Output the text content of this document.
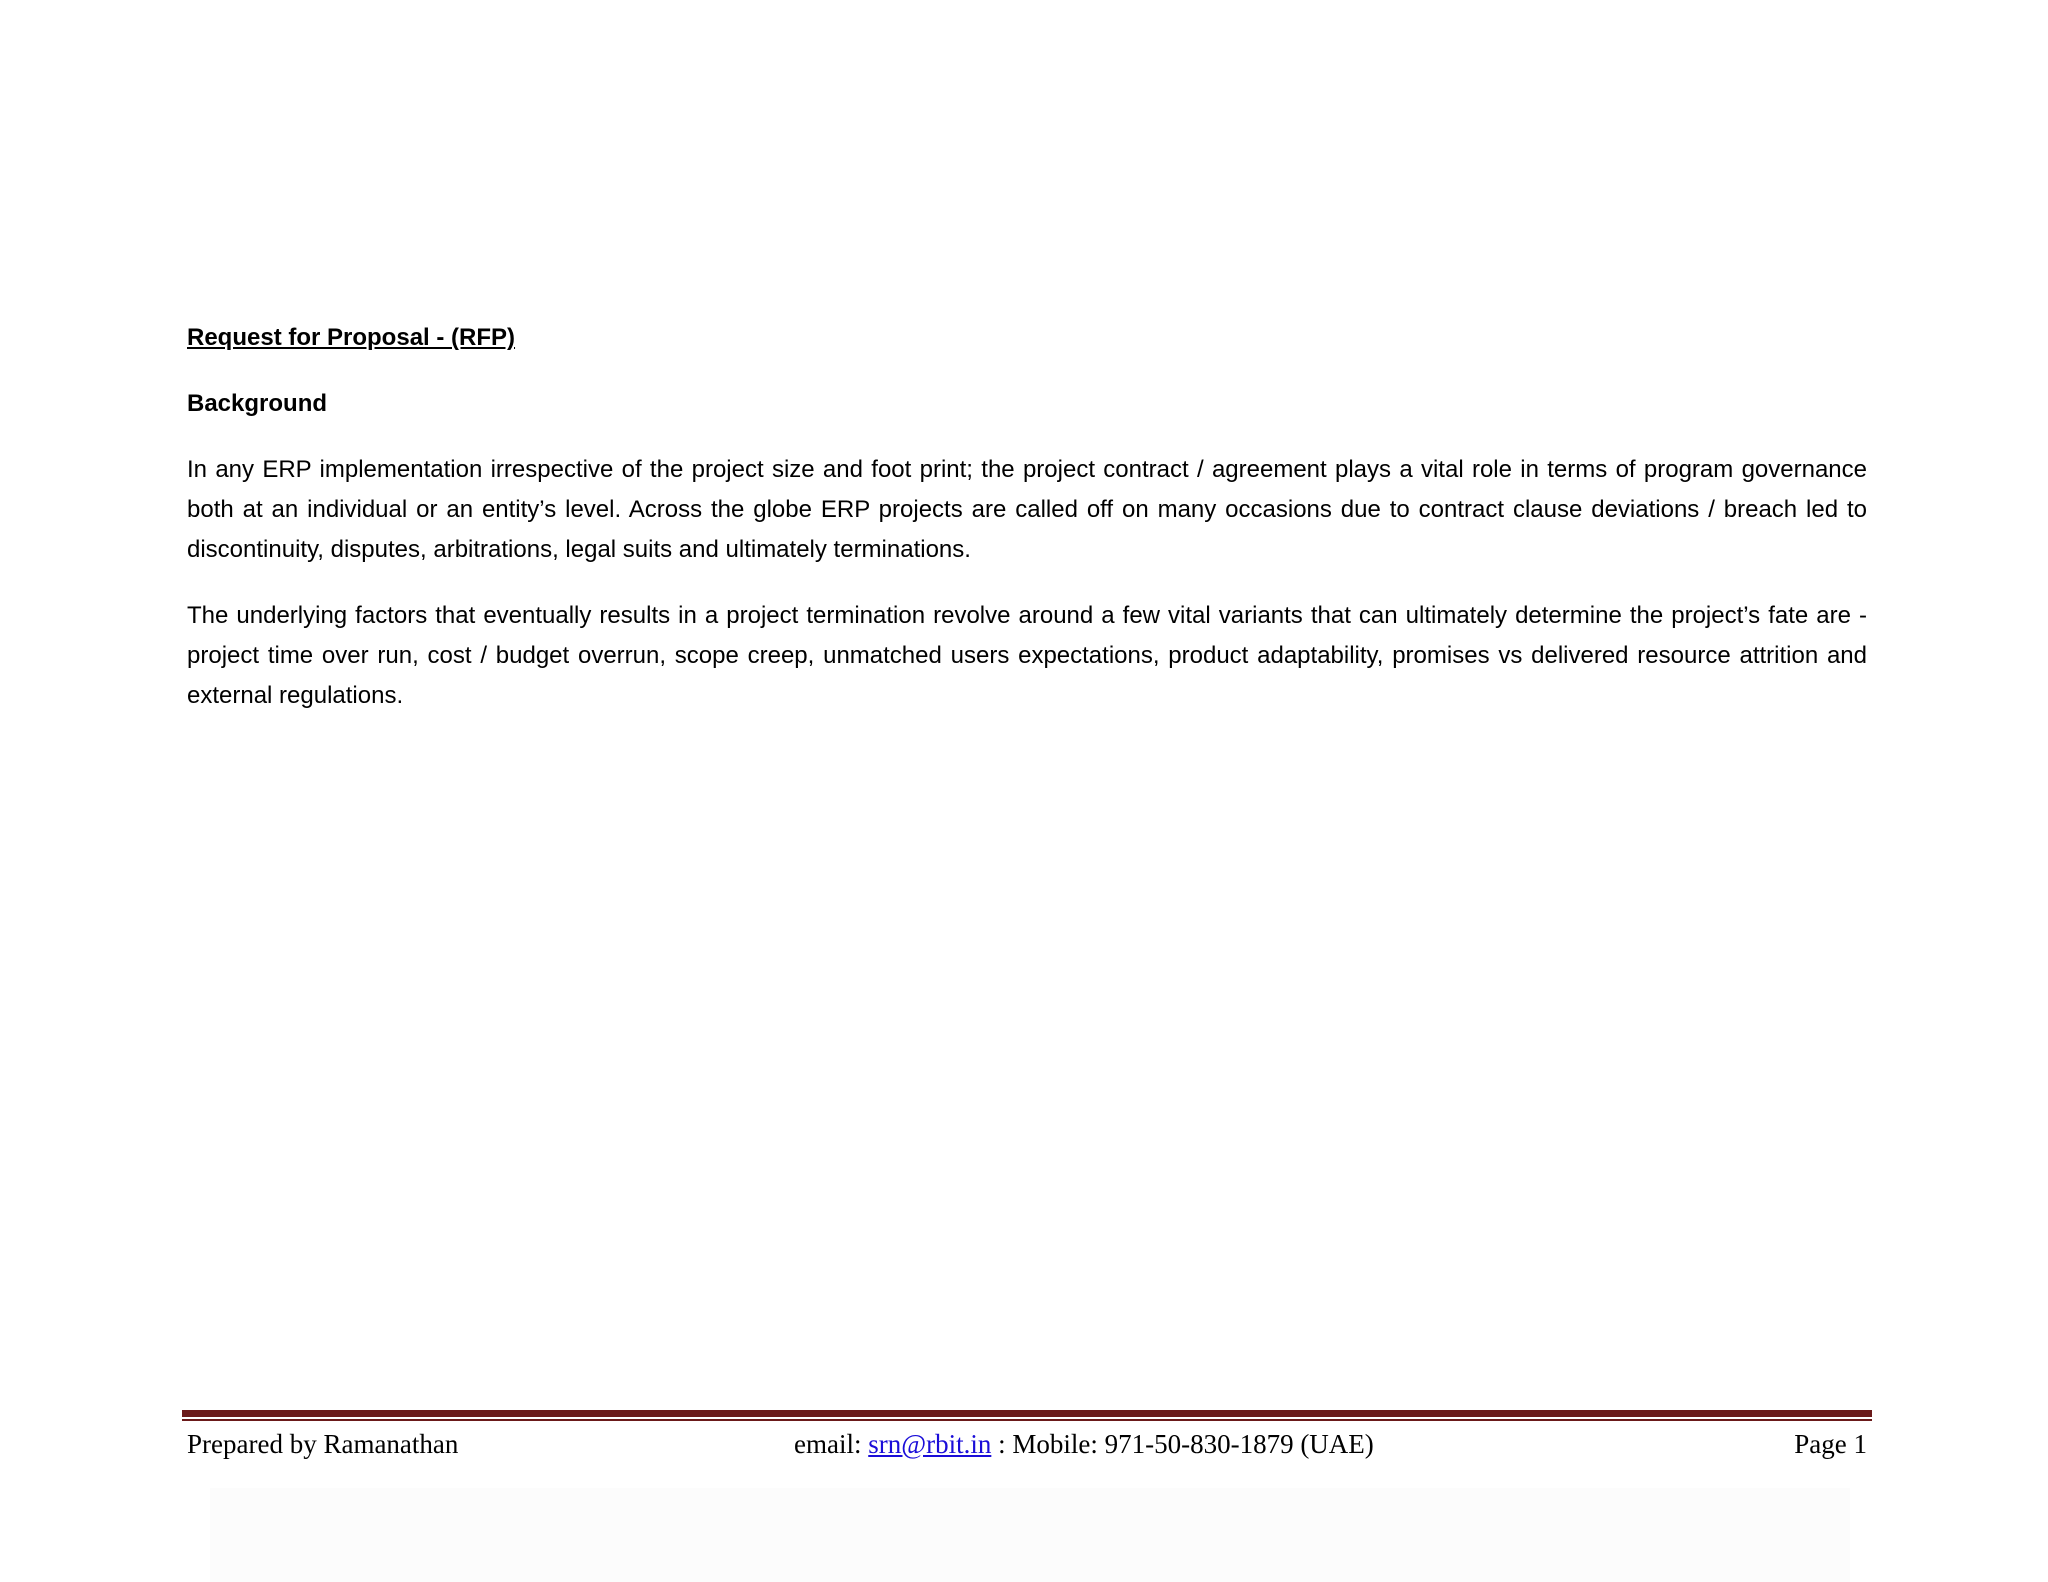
Request for Proposal - (RFP)
Background

In any ERP implementation irrespective of the project size and foot print; the project contract / agreement plays a vital role in terms of program governance both at an individual or an entity’s level. Across the globe ERP projects are called off on many occasions due to contract clause deviations / breach led to discontinuity, disputes, arbitrations, legal suits and ultimately terminations.

The underlying factors that eventually results in a project termination revolve around a few vital variants that can ultimately determine the project’s fate are - project time over run, cost / budget overrun, scope creep, unmatched users expectations, product adaptability, promises vs delivered resource attrition and external regulations.

Prepared by Ramanathan	email: srn@rbit.in : Mobile: 971-50-830-1879 (UAE)	Page 1
